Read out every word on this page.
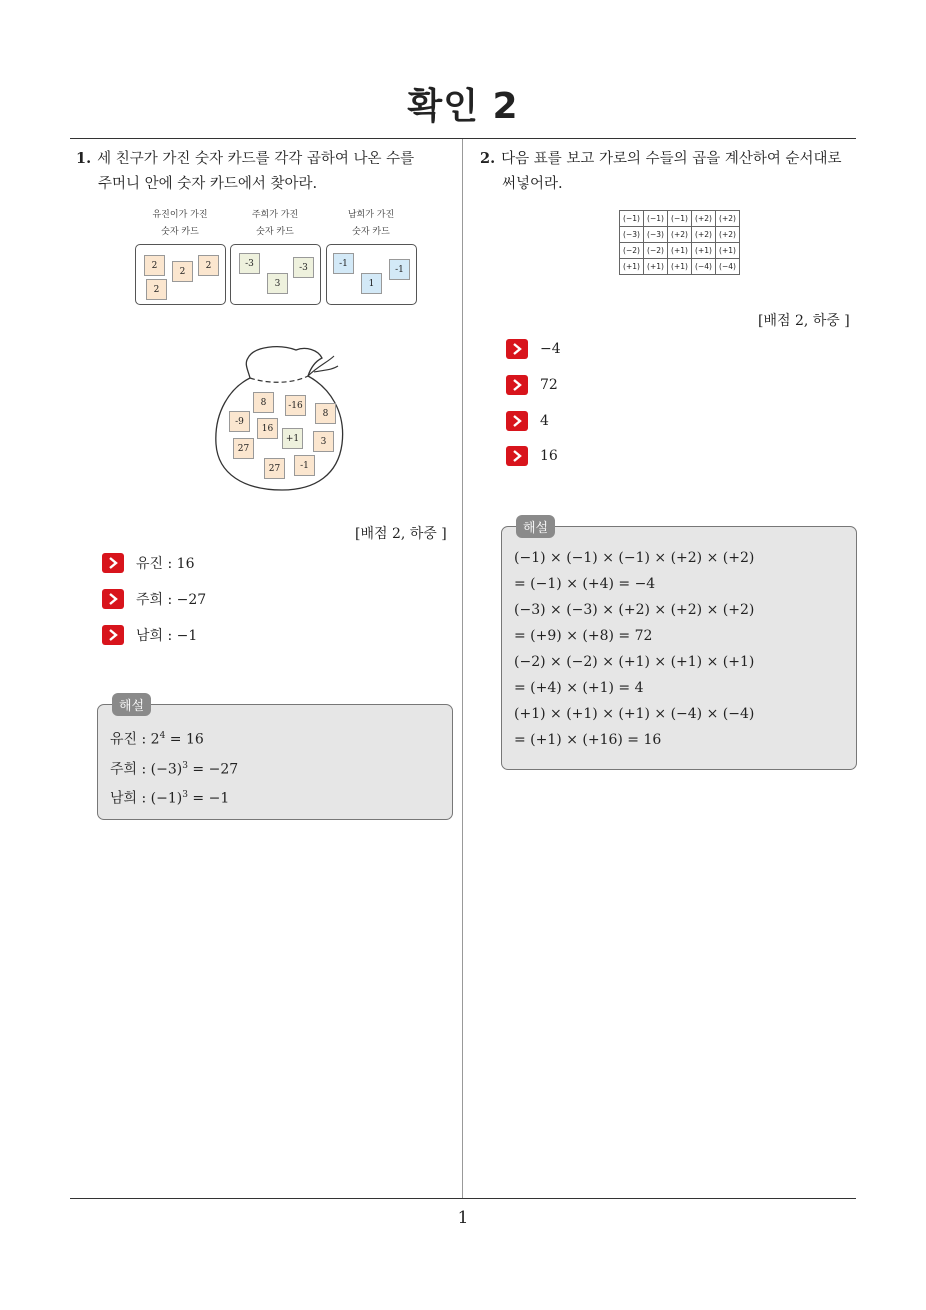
확인 2
1
1. 세 친구가 가진 숫자 카드를 각각 곱하여 나온 수를
주머니 안에 숫자 카드에서 찾아라.
유진이가 가진
숫자 카드
주희가 가진
숫자 카드
남희가 가진
숫자 카드
2
2
2
2
-3	-3
3
-1
1
-1
8	-16
8
-9
16
27
+1	3
27	-1
[배점 2, 하중 ]
유진 : 16
주희 : −27
남희 : −1
해설
유진 : $2^4 = 16$
주희 : $(-3)^3 = -27$
남희 : $(-1)^3 = -1$
2. 다음 표를 보고 가로의 수들의 곱을 계산하여 순서대로
써넣어라.
(−1)	(−1)	(−1)	(+2)	(+2)
(−3)	(−3)	(+2)	(+2)	(+2)
(−2)	(−2)	(+1)	(+1)	(+1)
(+1)	(+1)	(+1)	(−4)	(−4)
[배점 2, 하중 ]
−4
72
4
16
해설
(−1) × (−1) × (−1) × (+2) × (+2)
= (−1) × (+4) = −4
(−3) × (−3) × (+2) × (+2) × (+2)
= (+9) × (+8) = 72
(−2) × (−2) × (+1) × (+1) × (+1)
= (+4) × (+1) = 4
(+1) × (+1) × (+1) × (−4) × (−4)
= (+1) × (+16) = 16
